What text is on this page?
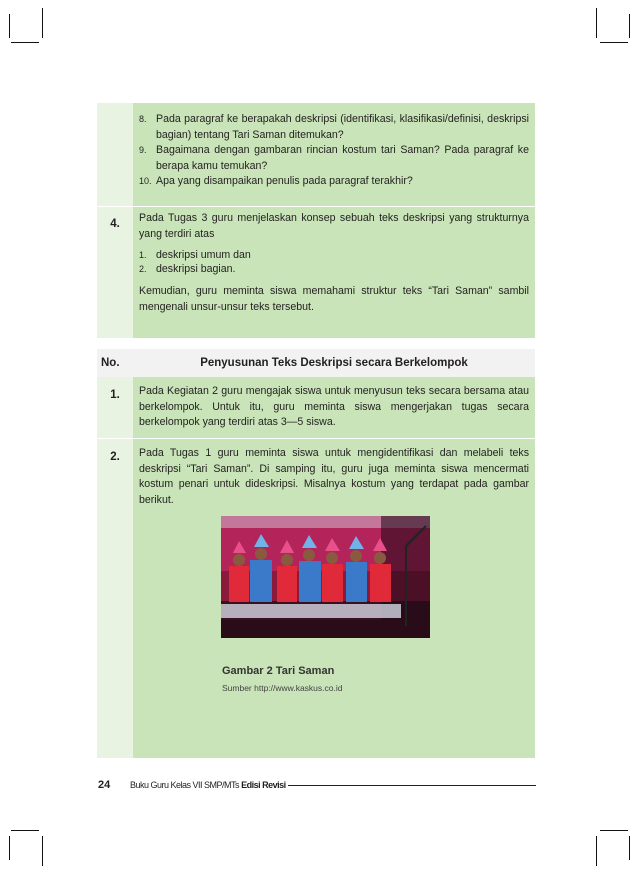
8. Pada paragraf ke berapakah deskripsi (identifikasi, klasifikasi/definisi, deskripsi bagian) tentang Tari Saman ditemukan?
9. Bagaimana dengan gambaran rincian kostum tari Saman? Pada paragraf ke berapa kamu temukan?
10. Apa yang disampaikan penulis pada paragraf terakhir?
4.	Pada Tugas 3 guru menjelaskan konsep sebuah teks deskripsi yang strukturnya yang terdiri atas
1. deskripsi umum dan
2. deskripsi bagian.
Kemudian, guru meminta siswa memahami struktur teks “Tari Saman” sambil mengenali unsur-unsur teks tersebut.
No.	Penyusunan Teks Deskripsi secara Berkelompok
1.	Pada Kegiatan 2 guru mengajak siswa untuk menyusun teks secara bersama atau berkelompok. Untuk itu, guru meminta siswa mengerjakan tugas secara berkelompok yang terdiri atas 3—5 siswa.
2.	Pada Tugas 1 guru meminta siswa untuk mengidentifikasi dan melabeli teks deskripsi “Tari Saman”. Di samping itu, guru juga meminta siswa mencermati kostum penari untuk dideskripsi. Misalnya kostum yang terdapat pada gambar berikut.
Gambar 2 Tari Saman
Sumber http://www.kaskus.co.id
24 Buku Guru Kelas VII SMP/MTs Edisi Revisi
